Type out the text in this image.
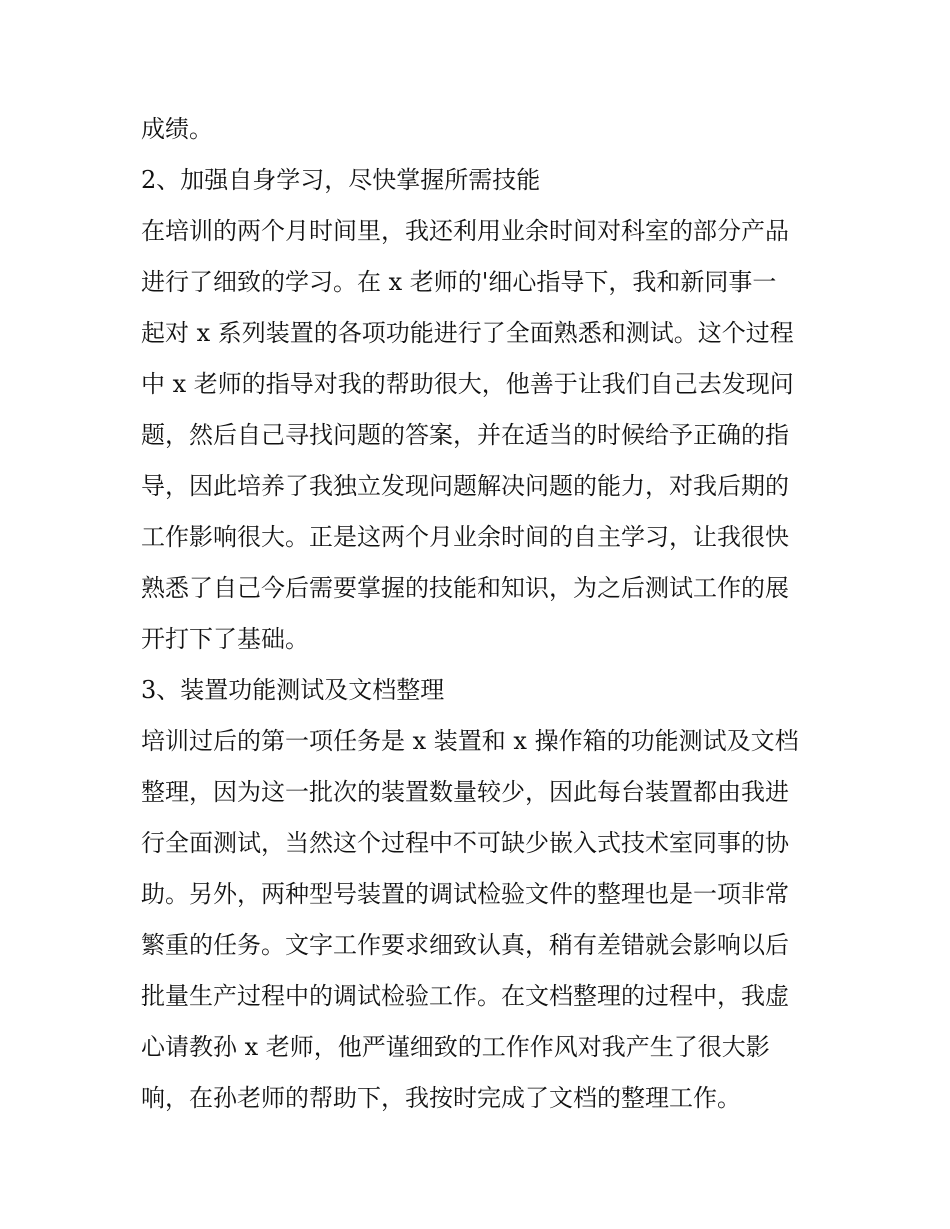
成绩。
2、加强自身学习，尽快掌握所需技能
在培训的两个月时间里，我还利用业余时间对科室的部分产品
进行了细致的学习。在 x 老师的'细心指导下，我和新同事一
起对 x 系列装置的各项功能进行了全面熟悉和测试。这个过程
中 x 老师的指导对我的帮助很大，他善于让我们自己去发现问
题，然后自己寻找问题的答案，并在适当的时候给予正确的指
导，因此培养了我独立发现问题解决问题的能力，对我后期的
工作影响很大。正是这两个月业余时间的自主学习，让我很快
熟悉了自己今后需要掌握的技能和知识，为之后测试工作的展
开打下了基础。
3、装置功能测试及文档整理
培训过后的第一项任务是 x 装置和 x 操作箱的功能测试及文档
整理，因为这一批次的装置数量较少，因此每台装置都由我进
行全面测试，当然这个过程中不可缺少嵌入式技术室同事的协
助。另外，两种型号装置的调试检验文件的整理也是一项非常
繁重的任务。文字工作要求细致认真，稍有差错就会影响以后
批量生产过程中的调试检验工作。在文档整理的过程中，我虚
心请教孙 x 老师，他严谨细致的工作作风对我产生了很大影
响，在孙老师的帮助下，我按时完成了文档的整理工作。
